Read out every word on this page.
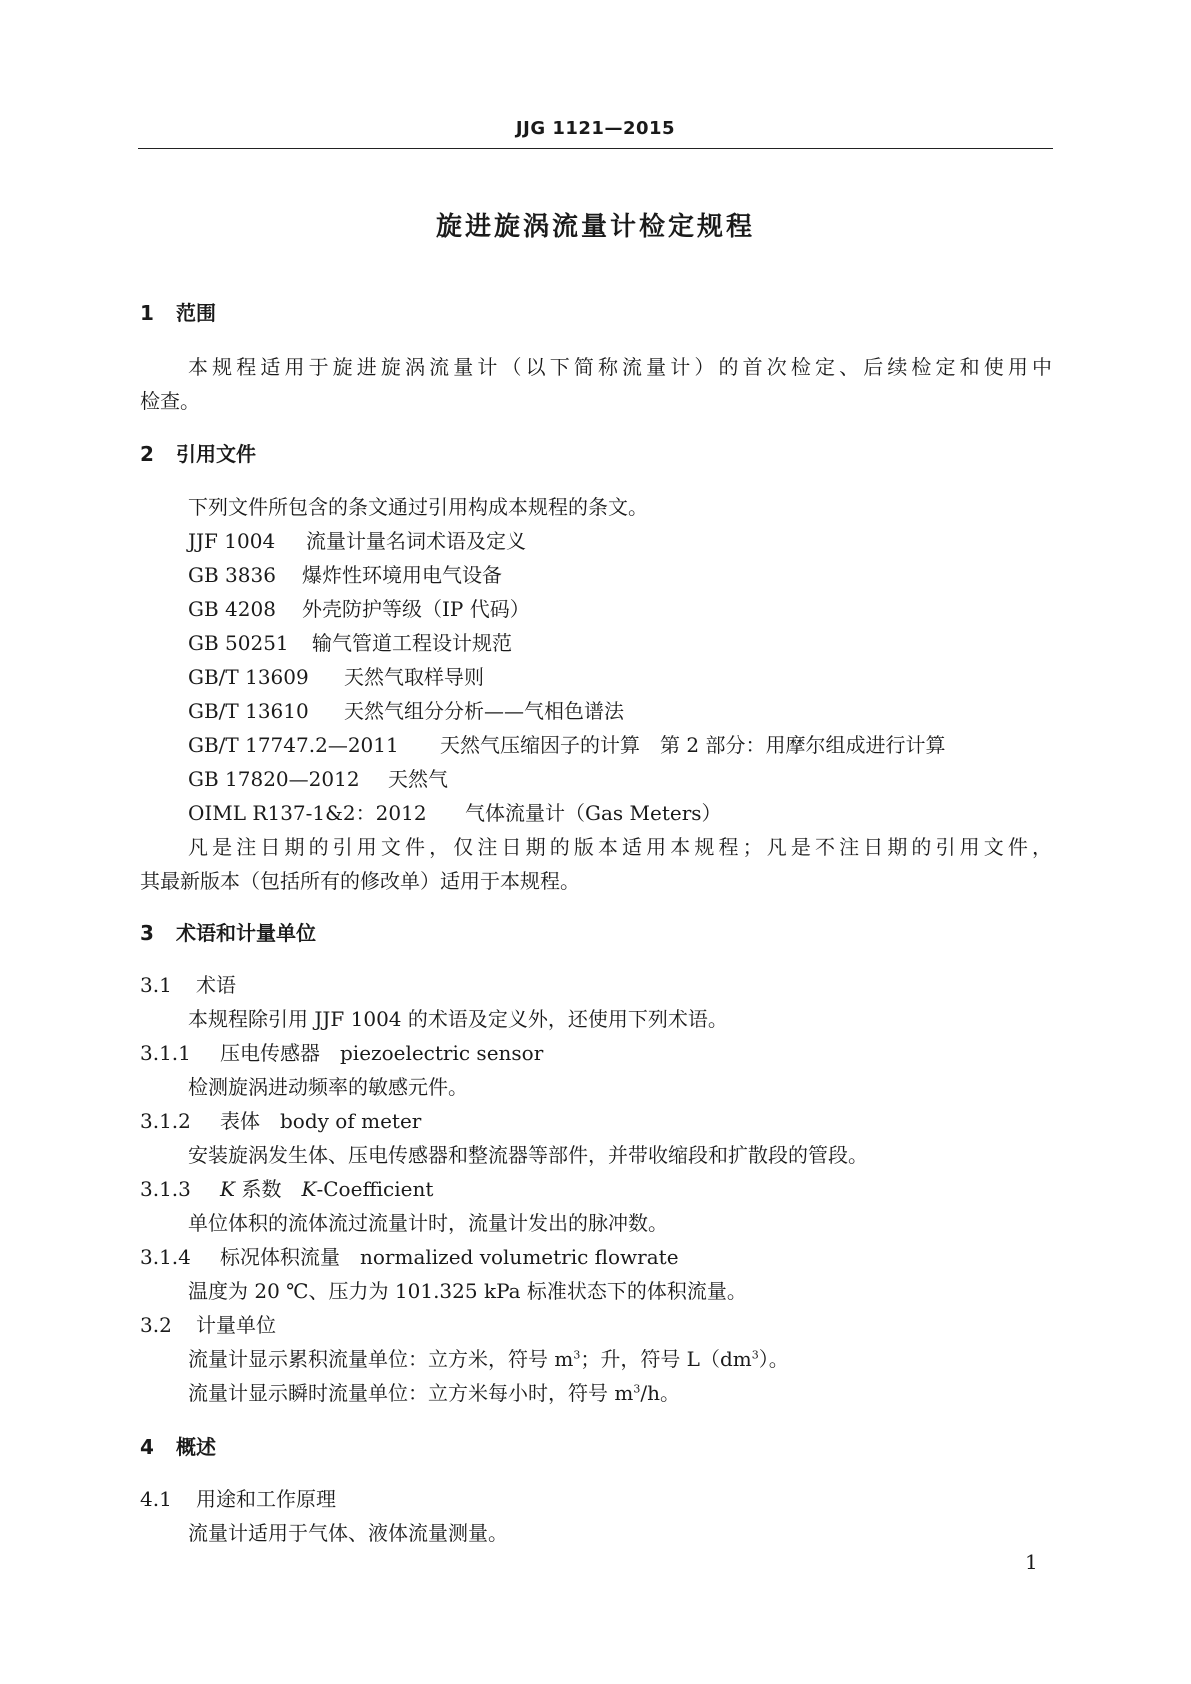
JJG 1121—2015
旋进旋涡流量计检定规程
1 范围
本规程适用于旋进旋涡流量计（以下简称流量计）的首次检定、后续检定和使用中
检查。
2 引用文件
下列文件所包含的条文通过引用构成本规程的条文。
JJF 1004 流量计量名词术语及定义
GB 3836 爆炸性环境用电气设备
GB 4208 外壳防护等级（IP 代码）
GB 50251 输气管道工程设计规范
GB/T 13609 天然气取样导则
GB/T 13610 天然气组分分析——气相色谱法
GB/T 17747.2—2011 天然气压缩因子的计算　第 2 部分：用摩尔组成进行计算
GB 17820—2012 天然气
OIML R137-1&2：2012 气体流量计（Gas Meters）
凡是注日期的引用文件，仅注日期的版本适用本规程；凡是不注日期的引用文件，
其最新版本（包括所有的修改单）适用于本规程。
3 术语和计量单位
3.1 术语
本规程除引用 JJF 1004 的术语及定义外，还使用下列术语。
3.1.1 压电传感器　 piezoelectric sensor
检测旋涡进动频率的敏感元件。
3.1.2 表体　 body of meter
安装旋涡发生体、压电传感器和整流器等部件，并带收缩段和扩散段的管段。
3.1.3 K  系数　 K-Coefficient
单位体积的流体流过流量计时，流量计发出的脉冲数。
3.1.4 标况体积流量　 normalized volumetric flowrate
温度为 20 ℃、压力为 101.325 kPa 标准状态下的体积流量。
3.2 计量单位
流量计显示累积流量单位：立方米，符号 $m^3$；升，符号 $L(dm^3)$。
流量计显示瞬时流量单位：立方米每小时，符号 $m^3/h$。
4 概述
4.1 用途和工作原理
流量计适用于气体、液体流量测量。
1
